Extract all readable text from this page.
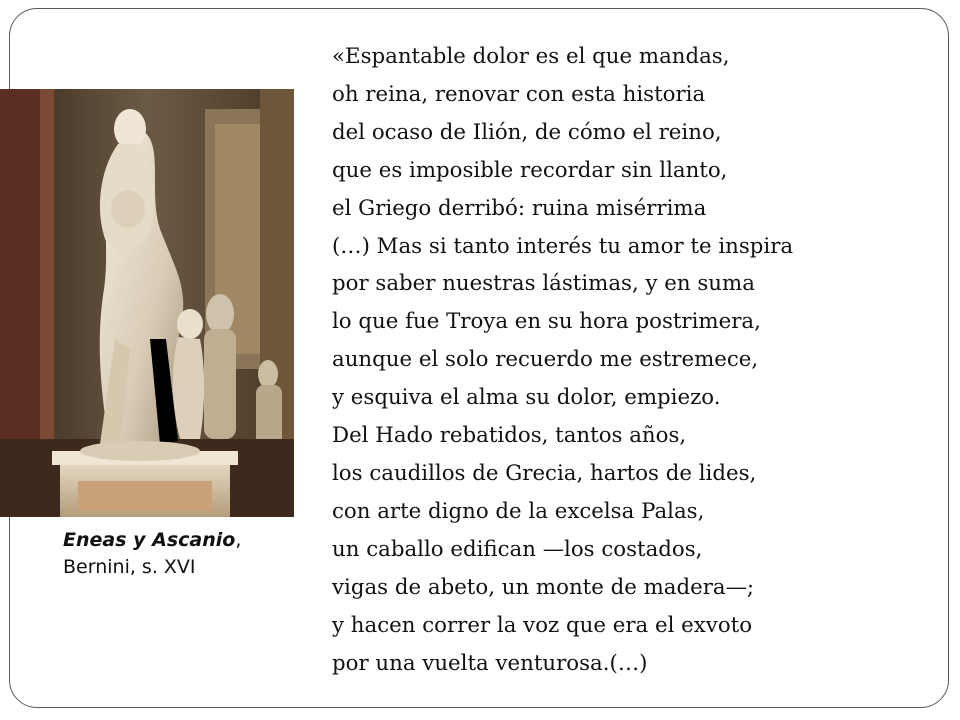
Eneas y Ascanio,
Bernini, s. XVI
«Espantable dolor es el que mandas,
oh reina, renovar con esta historia
del ocaso de Ilión, de cómo el reino,
que es imposible recordar sin llanto,
el Griego derribó: ruina misérrima
(…) Mas si tanto interés tu amor te inspira
por saber nuestras lástimas, y en suma
lo que fue Troya en su hora postrimera,
aunque el solo recuerdo me estremece,
y esquiva el alma su dolor, empiezo.
Del Hado rebatidos, tantos años,
los caudillos de Grecia, hartos de lides,
con arte digno de la excelsa Palas,
un caballo edifican —los costados,
vigas de abeto, un monte de madera—;
y hacen correr la voz que era el exvoto
por una vuelta venturosa.(…)
